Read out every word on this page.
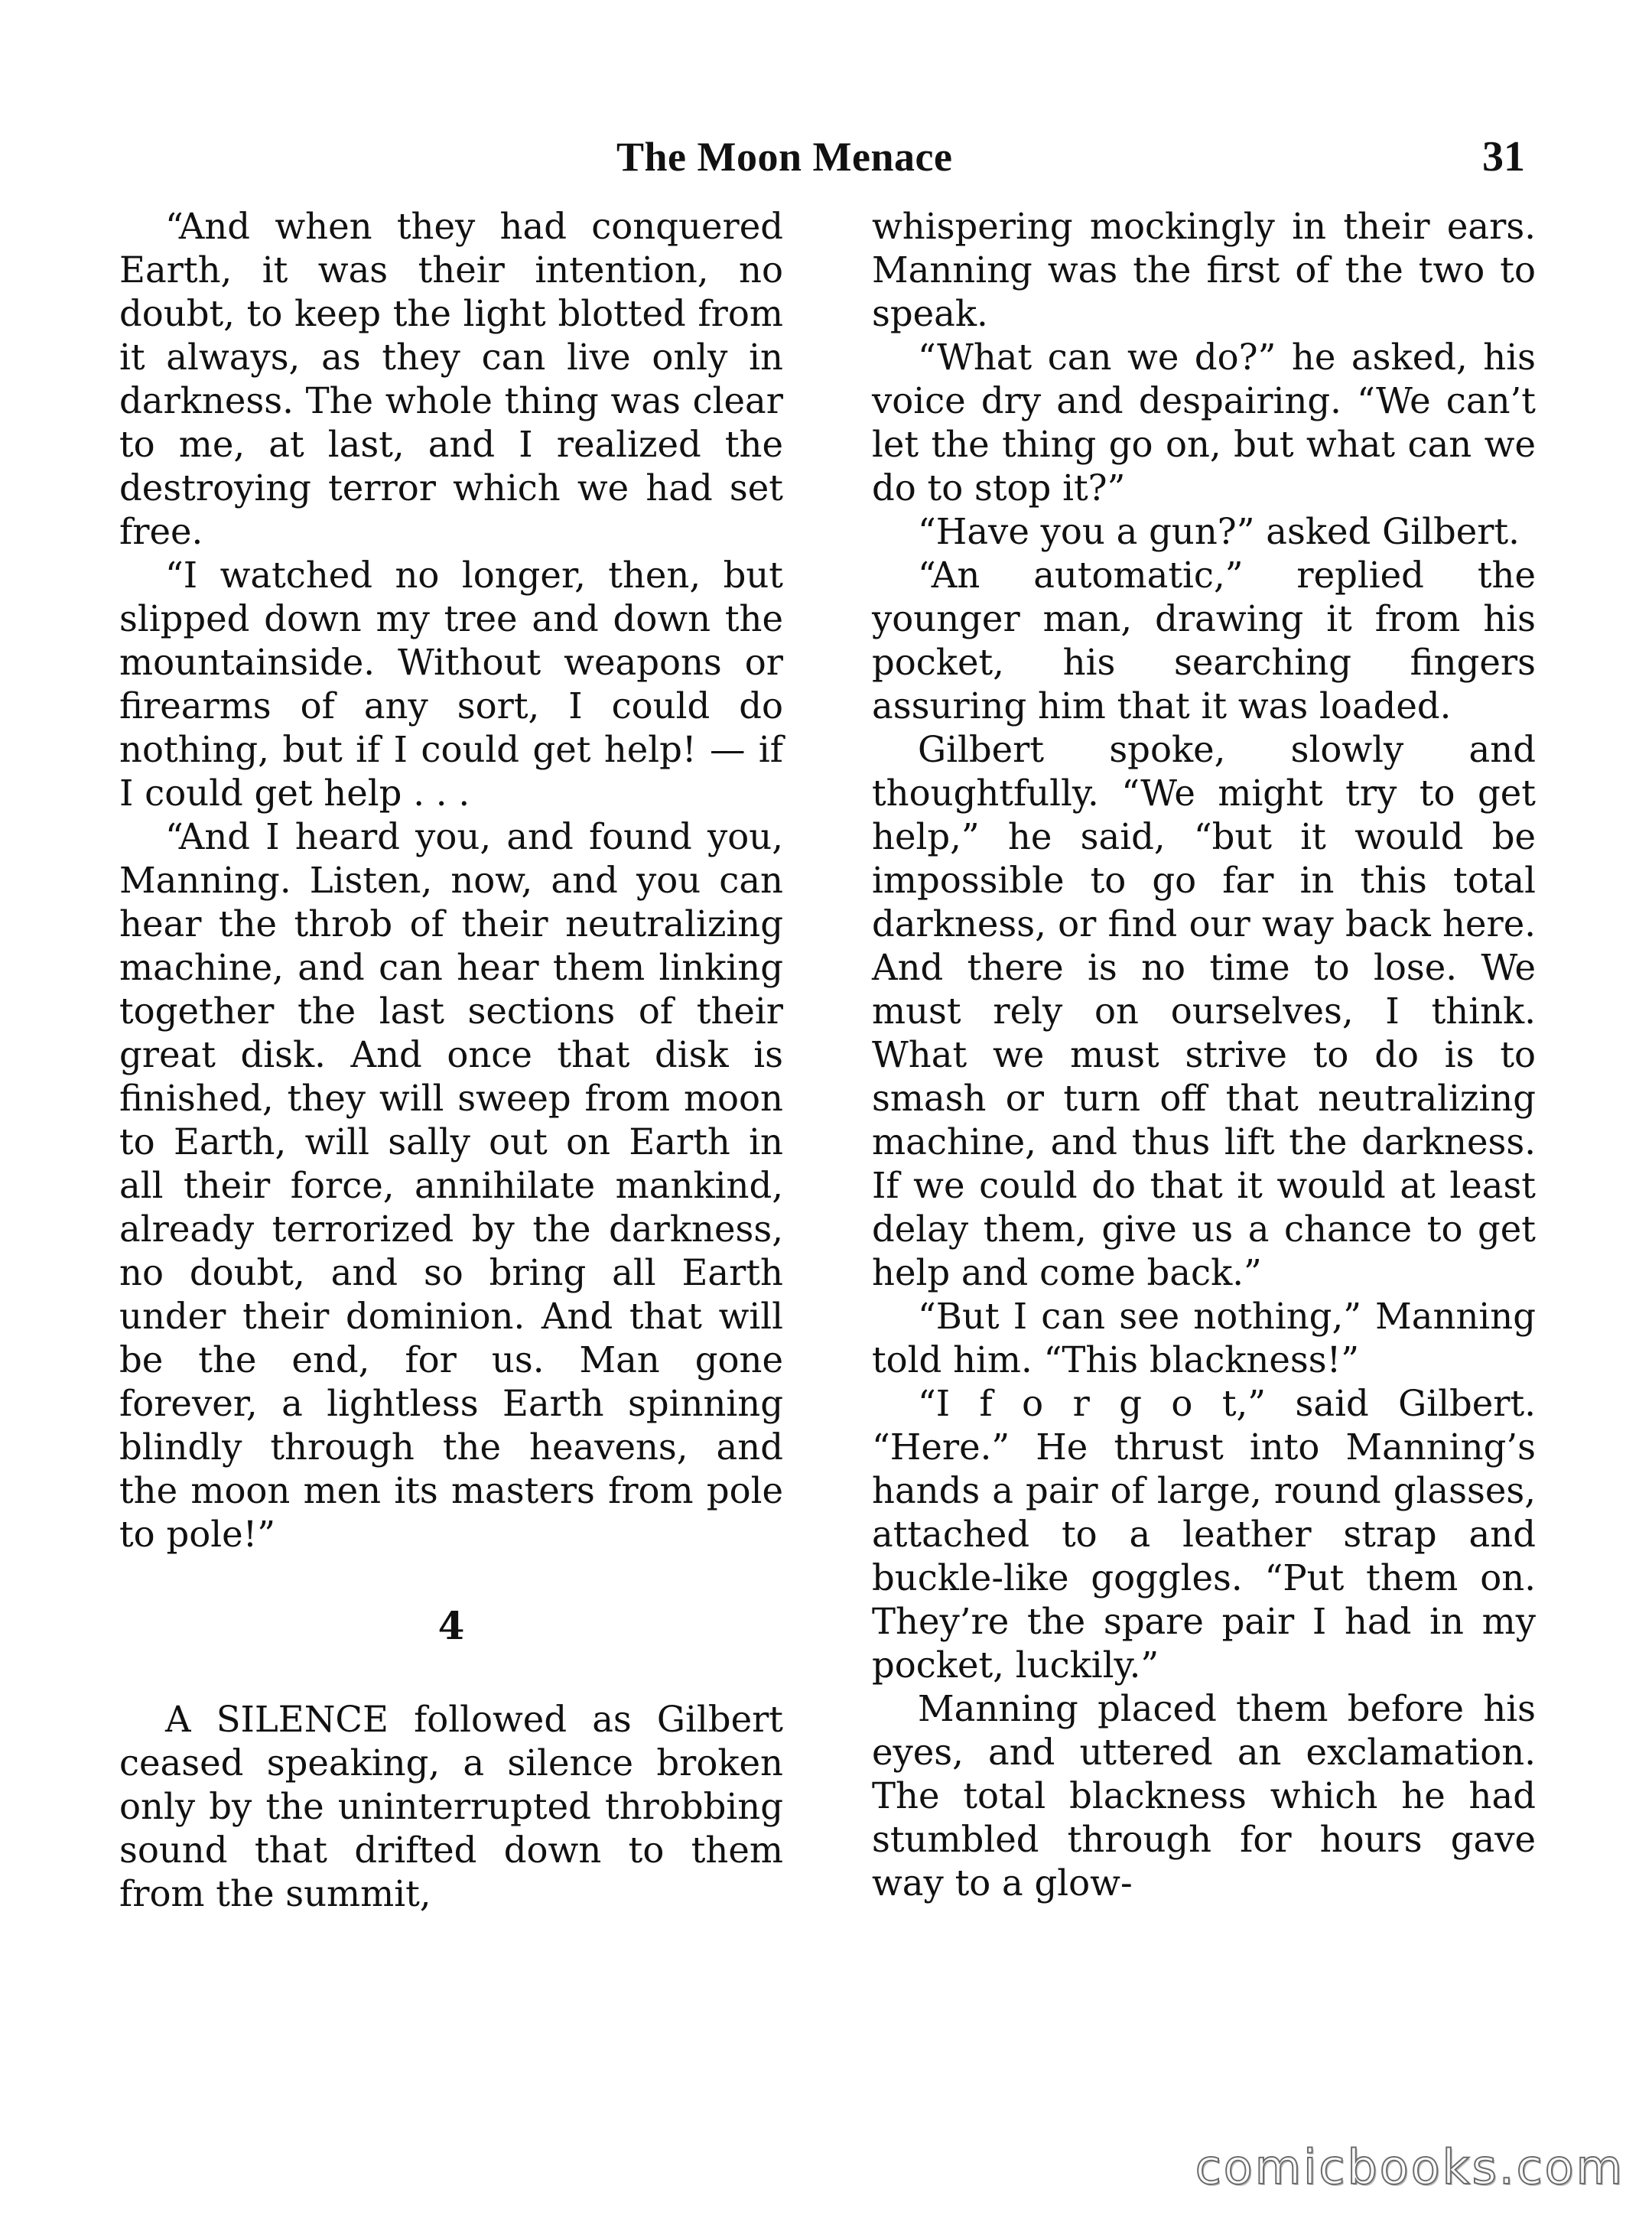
The Moon Menace	31

“And when they had conquered Earth, it was their intention, no doubt, to keep the light blotted from it always, as they can live only in darkness. The whole thing was clear to me, at last, and I realized the destroying terror which we had set free.

“I watched no longer, then, but slipped down my tree and down the mountainside. Without weapons or firearms of any sort, I could do nothing, but if I could get help! — if I could get help . . .

“And I heard you, and found you, Manning. Listen, now, and you can hear the throb of their neutralizing machine, and can hear them linking together the last sections of their great disk. And once that disk is finished, they will sweep from moon to Earth, will sally out on Earth in all their force, annihilate mankind, already terrorized by the darkness, no doubt, and so bring all Earth under their dominion. And that will be the end, for us. Man gone forever, a lightless Earth spinning blindly through the heavens, and the moon men its masters from pole to pole!”

4

A SILENCE followed as Gilbert ceased speaking, a silence broken only by the uninterrupted throbbing sound that drifted down to them from the summit,

whispering mockingly in their ears. Manning was the first of the two to speak.

“What can we do?” he asked, his voice dry and despairing. “We can’t let the thing go on, but what can we do to stop it?”

“Have you a gun?” asked Gilbert.

“An automatic,” replied the younger man, drawing it from his pocket, his searching fingers assuring him that it was loaded.

Gilbert spoke, slowly and thoughtfully. “We might try to get help,” he said, “but it would be impossible to go far in this total darkness, or find our way back here. And there is no time to lose. We must rely on ourselves, I think. What we must strive to do is to smash or turn off that neutralizing machine, and thus lift the darkness. If we could do that it would at least delay them, give us a chance to get help and come back.”

“But I can see nothing,” Manning told him. “This blackness!”

“I f o r g o t,” said Gilbert. “Here.” He thrust into Manning’s hands a pair of large, round glasses, attached to a leather strap and buckle-like goggles. “Put them on. They’re the spare pair I had in my pocket, luckily.”

Manning placed them before his eyes, and uttered an exclamation. The total blackness which he had stumbled through for hours gave way to a glow-

comicbooks.com
